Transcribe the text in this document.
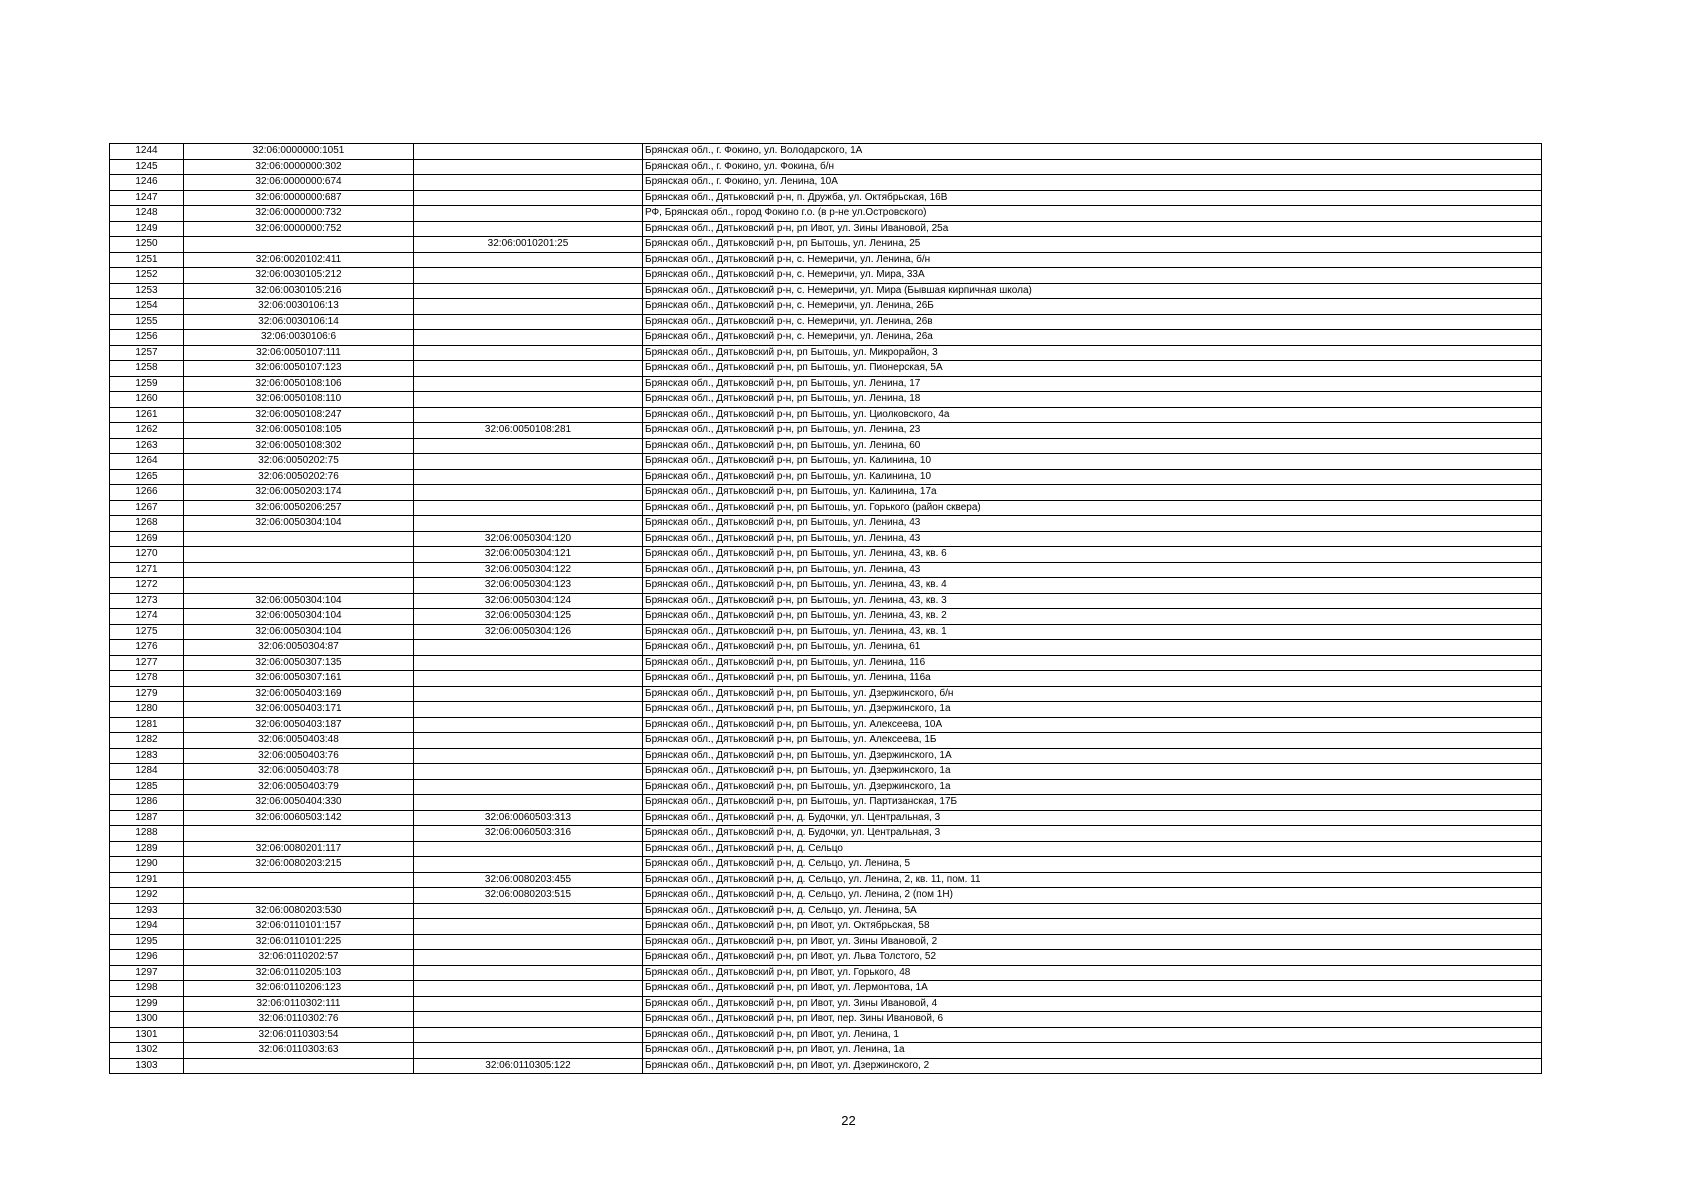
1244	32:06:0000000:1051		Брянская обл., г. Фокино, ул. Володарского, 1А
1245	32:06:0000000:302		Брянская обл., г. Фокино, ул. Фокина, б/н
1246	32:06:0000000:674		Брянская обл., г. Фокино, ул. Ленина, 10А
1247	32:06:0000000:687		Брянская обл., Дятьковский р-н, п. Дружба, ул. Октябрьская, 16В
1248	32:06:0000000:732		РФ, Брянская обл., город Фокино г.о. (в р-не ул.Островского)
1249	32:06:0000000:752		Брянская обл., Дятьковский р-н, рп Ивот, ул. Зины Ивановой, 25а
1250		32:06:0010201:25	Брянская обл., Дятьковский р-н, рп Бытошь, ул. Ленина, 25
1251	32:06:0020102:411		Брянская обл., Дятьковский р-н, с. Немеричи, ул. Ленина, б/н
1252	32:06:0030105:212		Брянская обл., Дятьковский р-н, с. Немеричи, ул. Мира, 33А
1253	32:06:0030105:216		Брянская обл., Дятьковский р-н, с. Немеричи, ул. Мира (Бывшая кирпичная школа)
1254	32:06:0030106:13		Брянская обл., Дятьковский р-н, с. Немеричи, ул. Ленина, 26Б
1255	32:06:0030106:14		Брянская обл., Дятьковский р-н, с. Немеричи, ул. Ленина, 26в
1256	32:06:0030106:6		Брянская обл., Дятьковский р-н, с. Немеричи, ул. Ленина, 26а
1257	32:06:0050107:111		Брянская обл., Дятьковский р-н, рп Бытошь, ул. Микрорайон, 3
1258	32:06:0050107:123		Брянская обл., Дятьковский р-н, рп Бытошь, ул. Пионерская, 5А
1259	32:06:0050108:106		Брянская обл., Дятьковский р-н, рп Бытошь, ул. Ленина, 17
1260	32:06:0050108:110		Брянская обл., Дятьковский р-н, рп Бытошь, ул. Ленина, 18
1261	32:06:0050108:247		Брянская обл., Дятьковский р-н, рп Бытошь, ул. Циолковского, 4а
1262	32:06:0050108:105	32:06:0050108:281	Брянская обл., Дятьковский р-н, рп Бытошь, ул. Ленина, 23
1263	32:06:0050108:302		Брянская обл., Дятьковский р-н, рп Бытошь, ул. Ленина, 60
1264	32:06:0050202:75		Брянская обл., Дятьковский р-н, рп Бытошь, ул. Калинина, 10
1265	32:06:0050202:76		Брянская обл., Дятьковский р-н, рп Бытошь, ул. Калинина, 10
1266	32:06:0050203:174		Брянская обл., Дятьковский р-н, рп Бытошь, ул. Калинина, 17а
1267	32:06:0050206:257		Брянская обл., Дятьковский р-н, рп Бытошь, ул. Горького (район сквера)
1268	32:06:0050304:104		Брянская обл., Дятьковский р-н, рп Бытошь, ул. Ленина, 43
1269		32:06:0050304:120	Брянская обл., Дятьковский р-н, рп Бытошь, ул. Ленина, 43
1270		32:06:0050304:121	Брянская обл., Дятьковский р-н, рп Бытошь, ул. Ленина, 43, кв. 6
1271		32:06:0050304:122	Брянская обл., Дятьковский р-н, рп Бытошь, ул. Ленина, 43
1272		32:06:0050304:123	Брянская обл., Дятьковский р-н, рп Бытошь, ул. Ленина, 43, кв. 4
1273	32:06:0050304:104	32:06:0050304:124	Брянская обл., Дятьковский р-н, рп Бытошь, ул. Ленина, 43, кв. 3
1274	32:06:0050304:104	32:06:0050304:125	Брянская обл., Дятьковский р-н, рп Бытошь, ул. Ленина, 43, кв. 2
1275	32:06:0050304:104	32:06:0050304:126	Брянская обл., Дятьковский р-н, рп Бытошь, ул. Ленина, 43, кв. 1
1276	32:06:0050304:87		Брянская обл., Дятьковский р-н, рп Бытошь, ул. Ленина, 61
1277	32:06:0050307:135		Брянская обл., Дятьковский р-н, рп Бытошь, ул. Ленина, 116
1278	32:06:0050307:161		Брянская обл., Дятьковский р-н, рп Бытошь, ул. Ленина, 116а
1279	32:06:0050403:169		Брянская обл., Дятьковский р-н, рп Бытошь, ул. Дзержинского, б/н
1280	32:06:0050403:171		Брянская обл., Дятьковский р-н, рп Бытошь, ул. Дзержинского, 1а
1281	32:06:0050403:187		Брянская обл., Дятьковский р-н, рп Бытошь, ул. Алексеева, 10А
1282	32:06:0050403:48		Брянская обл., Дятьковский р-н, рп Бытошь, ул. Алексеева, 1Б
1283	32:06:0050403:76		Брянская обл., Дятьковский р-н, рп Бытошь, ул. Дзержинского, 1А
1284	32:06:0050403:78		Брянская обл., Дятьковский р-н, рп Бытошь, ул. Дзержинского, 1а
1285	32:06:0050403:79		Брянская обл., Дятьковский р-н, рп Бытошь, ул. Дзержинского, 1а
1286	32:06:0050404:330		Брянская обл., Дятьковский р-н, рп Бытошь, ул. Партизанская, 17Б
1287	32:06:0060503:142	32:06:0060503:313	Брянская обл., Дятьковский р-н, д. Будочки, ул. Центральная, 3
1288		32:06:0060503:316	Брянская обл., Дятьковский р-н, д. Будочки, ул. Центральная, 3
1289	32:06:0080201:117		Брянская обл., Дятьковский р-н, д. Сельцо
1290	32:06:0080203:215		Брянская обл., Дятьковский р-н, д. Сельцо, ул. Ленина, 5
1291		32:06:0080203:455	Брянская обл., Дятьковский р-н, д. Сельцо, ул. Ленина, 2, кв. 11, пом. 11
1292		32:06:0080203:515	Брянская обл., Дятьковский р-н, д. Сельцо, ул. Ленина, 2 (пом 1Н)
1293	32:06:0080203:530		Брянская обл., Дятьковский р-н, д. Сельцо, ул. Ленина, 5А
1294	32:06:0110101:157		Брянская обл., Дятьковский р-н, рп Ивот, ул. Октябрьская, 58
1295	32:06:0110101:225		Брянская обл., Дятьковский р-н, рп Ивот, ул. Зины Ивановой, 2
1296	32:06:0110202:57		Брянская обл., Дятьковский р-н, рп Ивот, ул. Льва Толстого, 52
1297	32:06:0110205:103		Брянская обл., Дятьковский р-н, рп Ивот, ул. Горького, 48
1298	32:06:0110206:123		Брянская обл., Дятьковский р-н, рп Ивот, ул. Лермонтова, 1А
1299	32:06:0110302:111		Брянская обл., Дятьковский р-н, рп Ивот, ул. Зины Ивановой, 4
1300	32:06:0110302:76		Брянская обл., Дятьковский р-н, рп Ивот, пер. Зины Ивановой, 6
1301	32:06:0110303:54		Брянская обл., Дятьковский р-н, рп Ивот, ул. Ленина, 1
1302	32:06:0110303:63		Брянская обл., Дятьковский р-н, рп Ивот, ул. Ленина, 1а
1303		32:06:0110305:122	Брянская обл., Дятьковский р-н, рп Ивот, ул. Дзержинского, 2
22
